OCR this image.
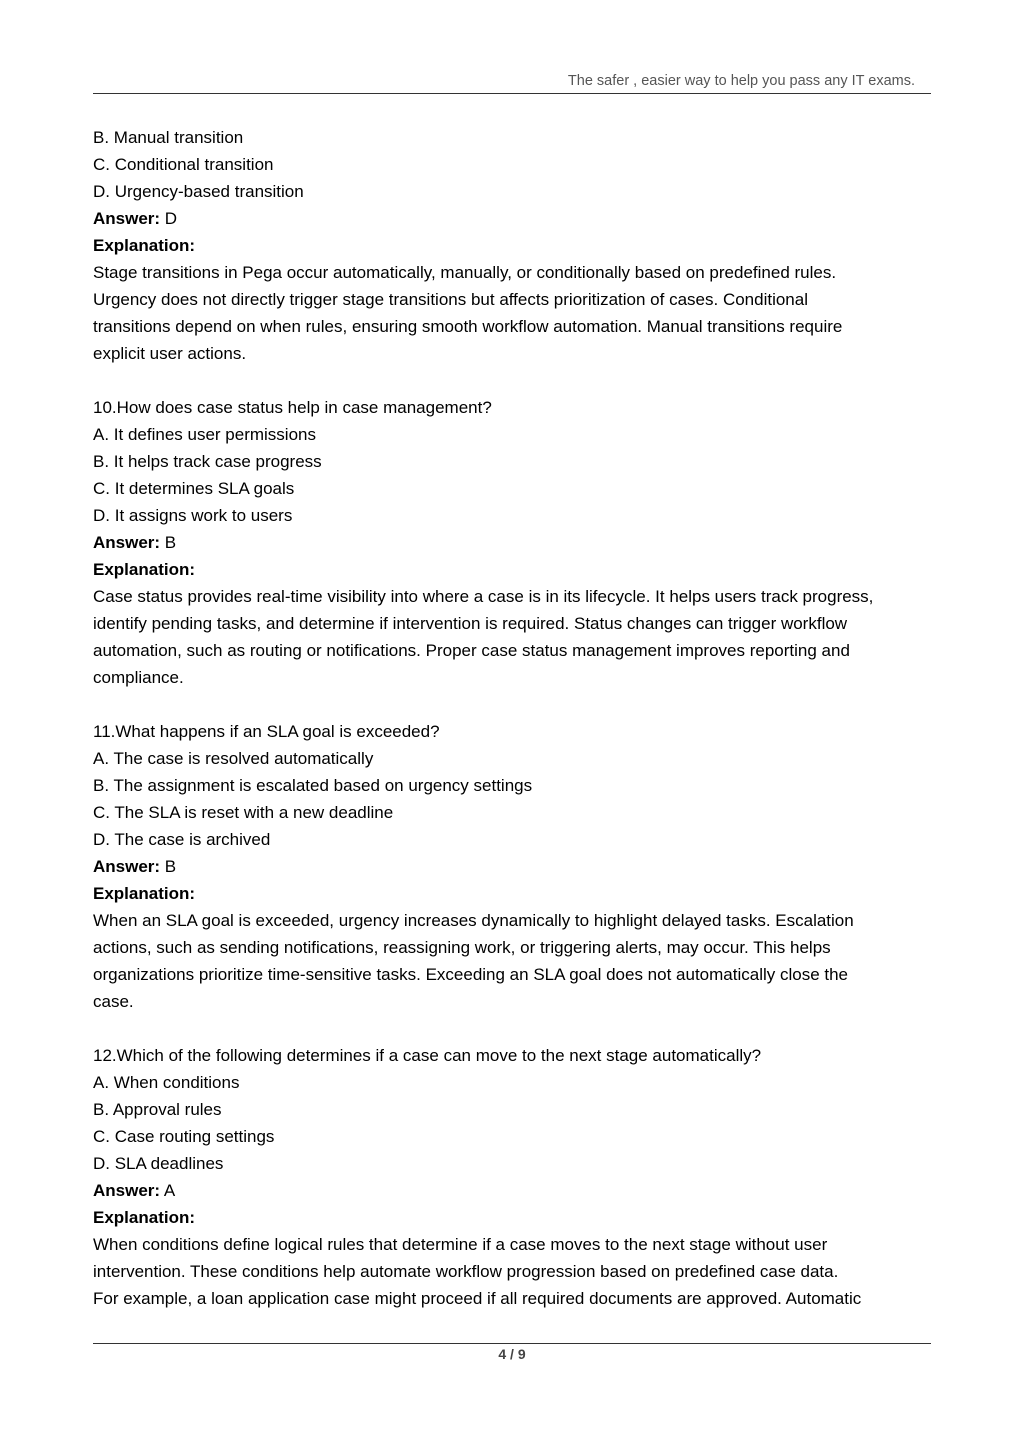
The safer , easier way to help you pass any IT exams.
B. Manual transition
C. Conditional transition
D. Urgency-based transition
Answer: D
Explanation:
Stage transitions in Pega occur automatically, manually, or conditionally based on predefined rules.
Urgency does not directly trigger stage transitions but affects prioritization of cases. Conditional
transitions depend on when rules, ensuring smooth workflow automation. Manual transitions require
explicit user actions.
10.How does case status help in case management?
A. It defines user permissions
B. It helps track case progress
C. It determines SLA goals
D. It assigns work to users
Answer: B
Explanation:
Case status provides real-time visibility into where a case is in its lifecycle. It helps users track progress,
identify pending tasks, and determine if intervention is required. Status changes can trigger workflow
automation, such as routing or notifications. Proper case status management improves reporting and
compliance.
11.What happens if an SLA goal is exceeded?
A. The case is resolved automatically
B. The assignment is escalated based on urgency settings
C. The SLA is reset with a new deadline
D. The case is archived
Answer: B
Explanation:
When an SLA goal is exceeded, urgency increases dynamically to highlight delayed tasks. Escalation
actions, such as sending notifications, reassigning work, or triggering alerts, may occur. This helps
organizations prioritize time-sensitive tasks. Exceeding an SLA goal does not automatically close the
case.
12.Which of the following determines if a case can move to the next stage automatically?
A. When conditions
B. Approval rules
C. Case routing settings
D. SLA deadlines
Answer: A
Explanation:
When conditions define logical rules that determine if a case moves to the next stage without user
intervention. These conditions help automate workflow progression based on predefined case data.
For example, a loan application case might proceed if all required documents are approved. Automatic
4 / 9
